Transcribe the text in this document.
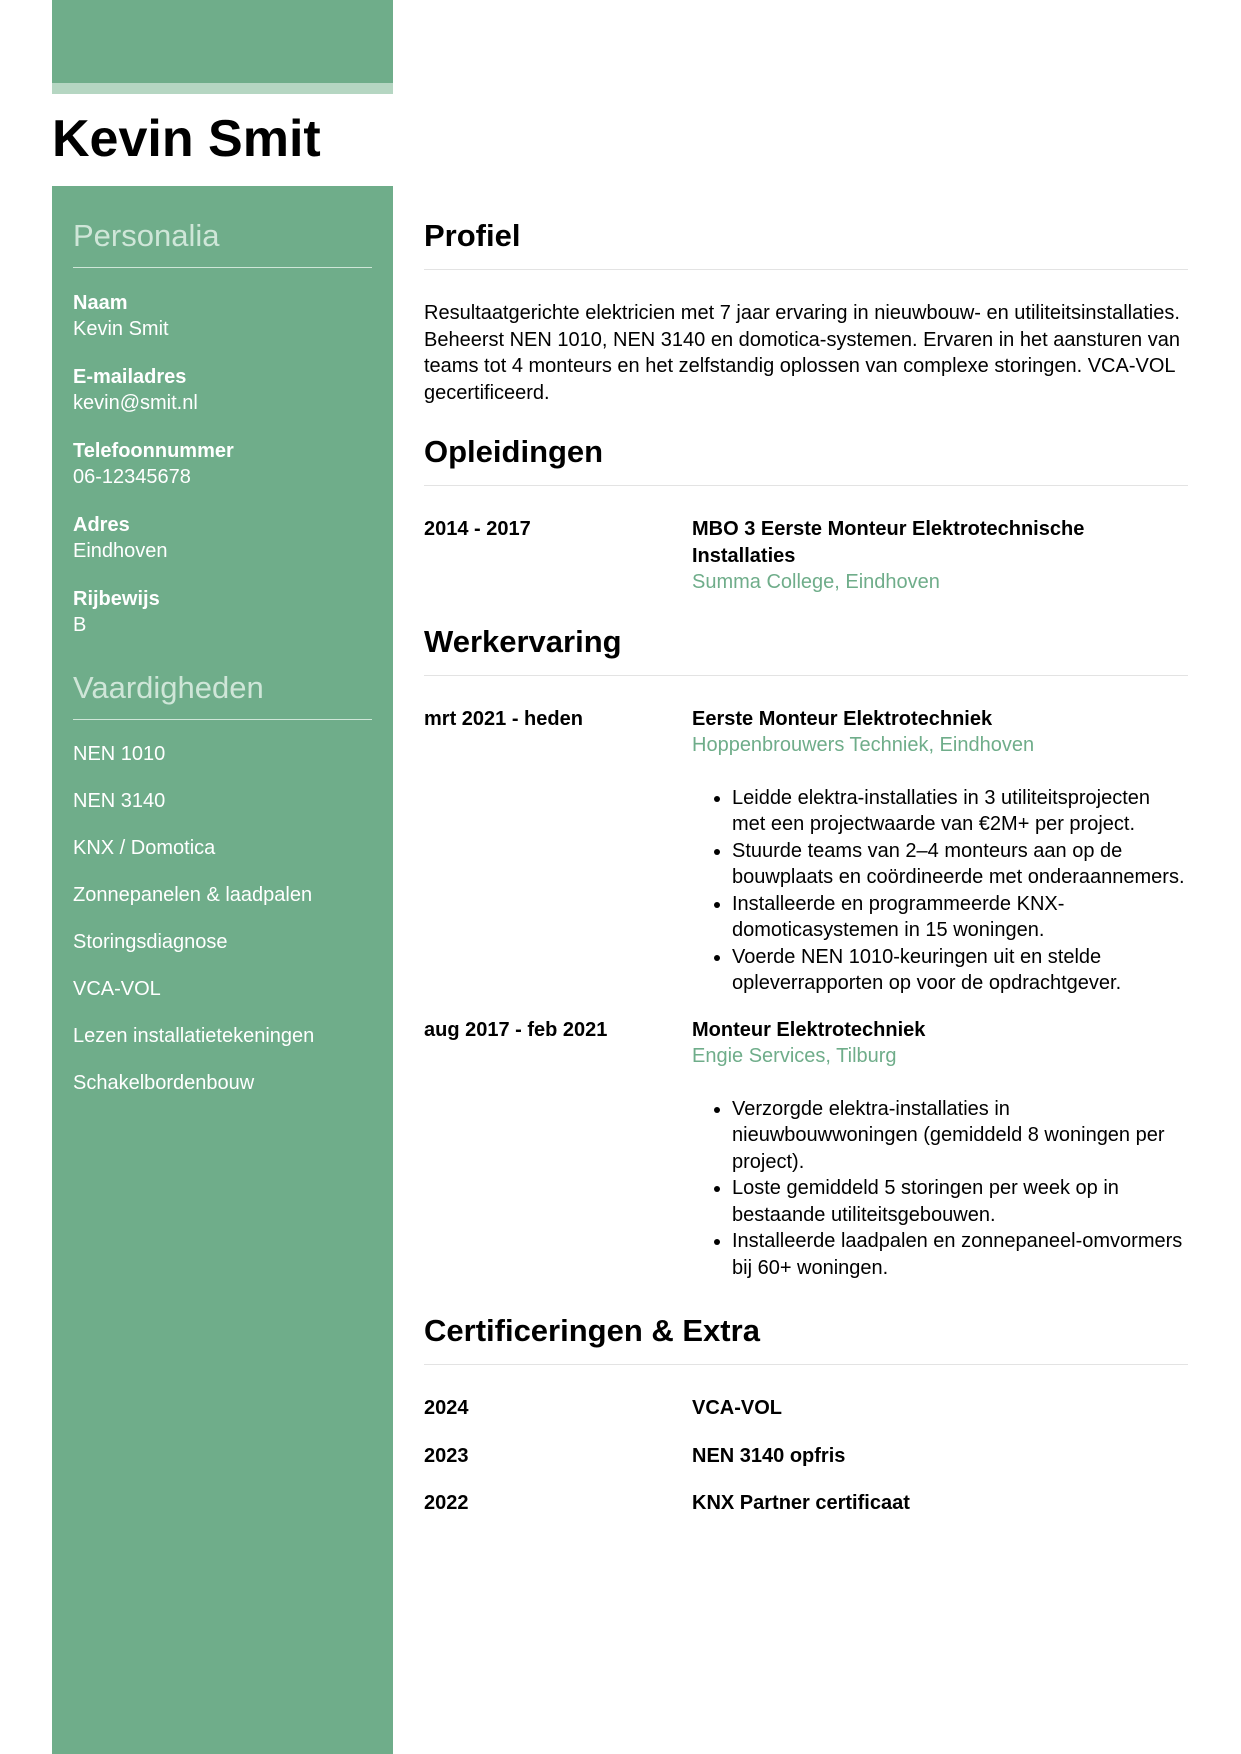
Kevin Smit
Personalia
Naam
Kevin Smit
E-mailadres
kevin@smit.nl
Telefoonnummer
06-12345678
Adres
Eindhoven
Rijbewijs
B
Vaardigheden
NEN 1010
NEN 3140
KNX / Domotica
Zonnepanelen & laadpalen
Storingsdiagnose
VCA-VOL
Lezen installatietekeningen
Schakelbordenbouw
Profiel
Resultaatgerichte elektricien met 7 jaar ervaring in nieuwbouw- en utiliteitsinstallaties. Beheerst NEN 1010, NEN 3140 en domotica-systemen. Ervaren in het aansturen van teams tot 4 monteurs en het zelfstandig oplossen van complexe storingen. VCA-VOL gecertificeerd.
Opleidingen
2014 - 2017	MBO 3 Eerste Monteur Elektrotechnische Installaties
Summa College, Eindhoven
Werkervaring
mrt 2021 - heden	Eerste Monteur Elektrotechniek
Hoppenbrouwers Techniek, Eindhoven
• Leidde elektra-installaties in 3 utiliteitsprojecten met een projectwaarde van €2M+ per project.
• Stuurde teams van 2–4 monteurs aan op de bouwplaats en coördineerde met onderaannemers.
• Installeerde en programmeerde KNX-domoticasystemen in 15 woningen.
• Voerde NEN 1010-keuringen uit en stelde opleverrapporten op voor de opdrachtgever.
aug 2017 - feb 2021	Monteur Elektrotechniek
Engie Services, Tilburg
• Verzorgde elektra-installaties in nieuwbouwwoningen (gemiddeld 8 woningen per project).
• Loste gemiddeld 5 storingen per week op in bestaande utiliteitsgebouwen.
• Installeerde laadpalen en zonnepaneel-omvormers bij 60+ woningen.
Certificeringen & Extra
2024	VCA-VOL
2023	NEN 3140 opfris
2022	KNX Partner certificaat
